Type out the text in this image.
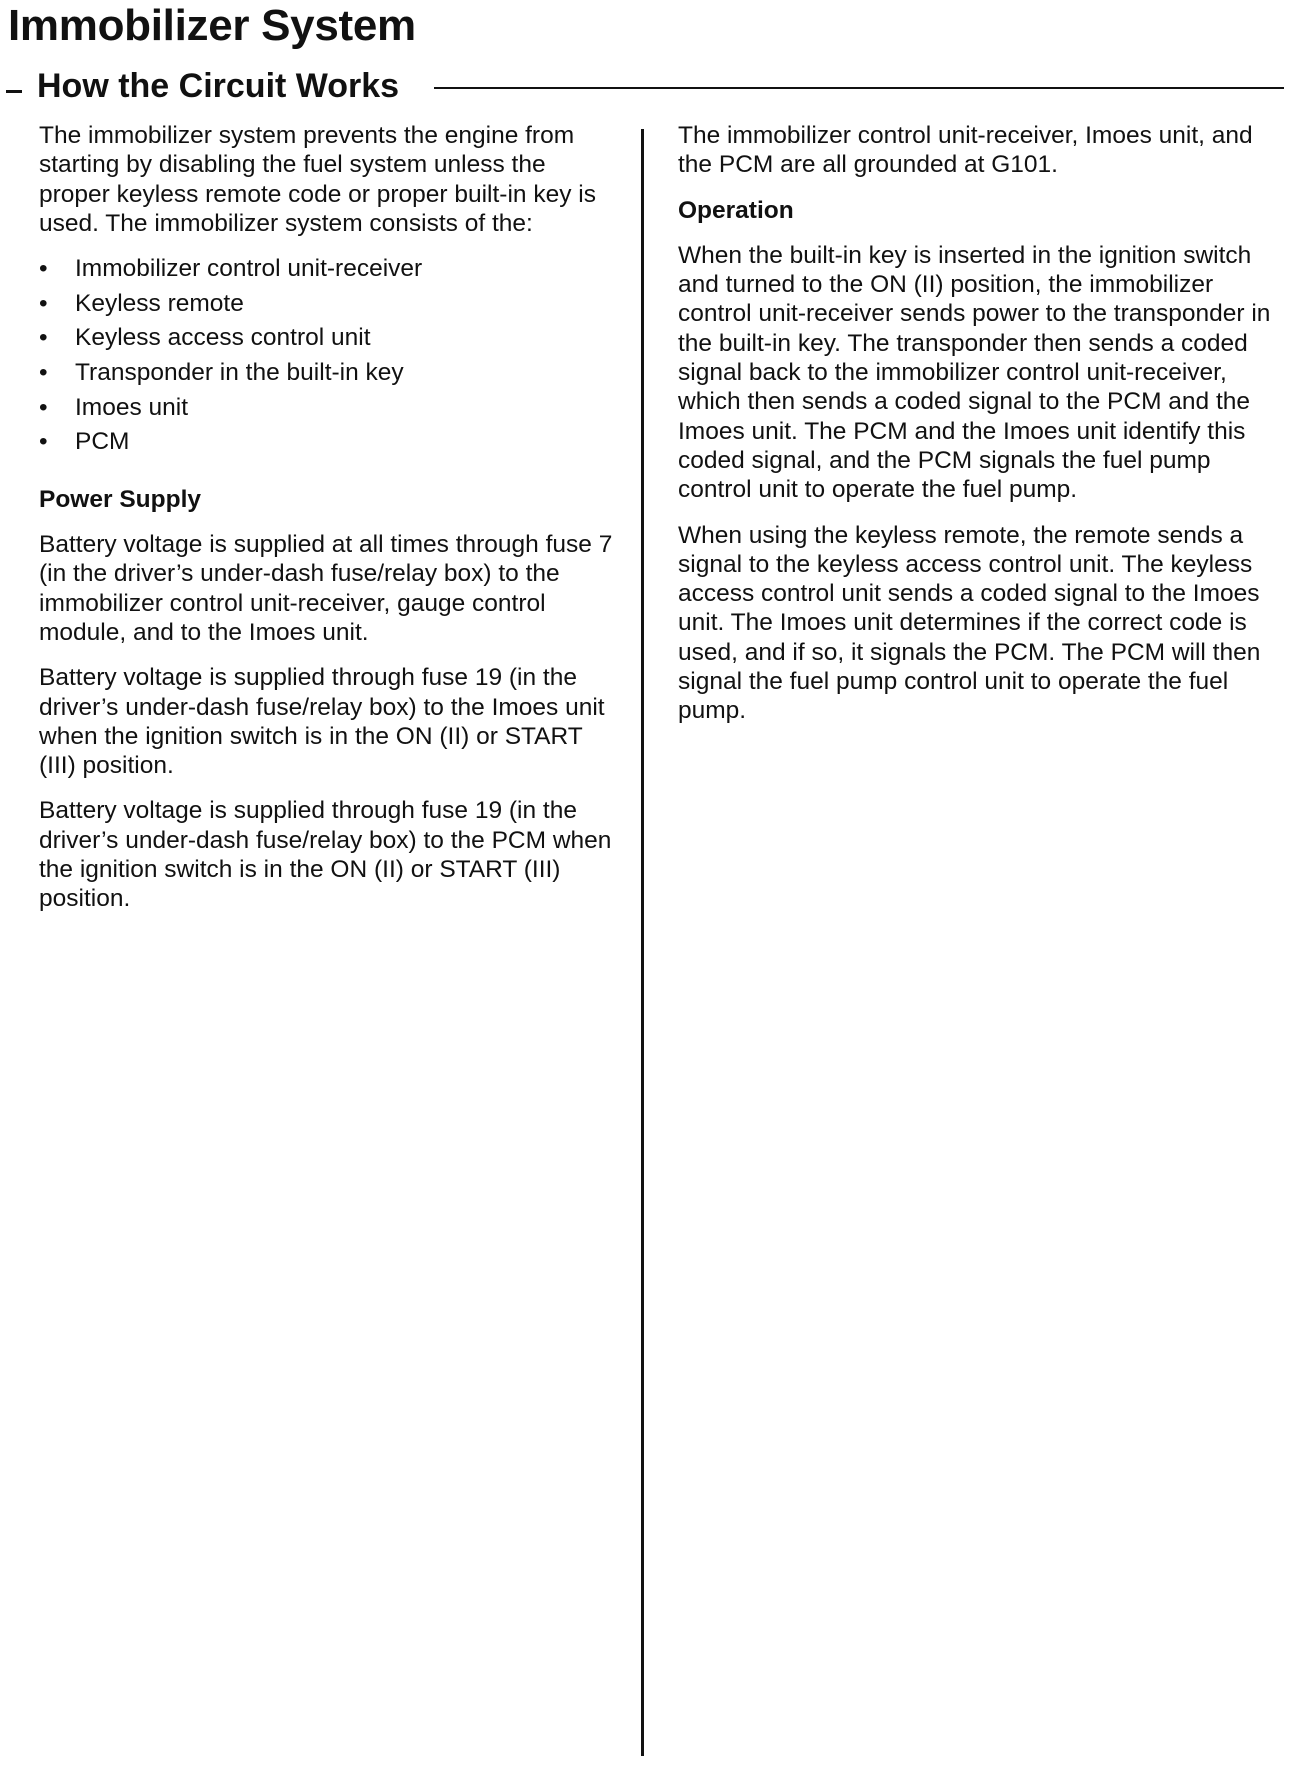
Immobilizer System
How the Circuit Works

The immobilizer system prevents the engine from starting by disabling the fuel system unless the proper keyless remote code or proper built-in key is used. The immobilizer system consists of the:

• Immobilizer control unit-receiver
• Keyless remote
• Keyless access control unit
• Transponder in the built-in key
• Imoes unit
• PCM
Power Supply

Battery voltage is supplied at all times through fuse 7 (in the driver’s under-dash fuse/relay box) to the immobilizer control unit-receiver, gauge control module, and to the Imoes unit.

Battery voltage is supplied through fuse 19 (in the driver’s under-dash fuse/relay box) to the Imoes unit when the ignition switch is in the ON (II) or START (III) position.

Battery voltage is supplied through fuse 19 (in the driver’s under-dash fuse/relay box) to the PCM when the ignition switch is in the ON (II) or START (III) position.

The immobilizer control unit-receiver, Imoes unit, and the PCM are all grounded at G101.

Operation

When the built-in key is inserted in the ignition switch and turned to the ON (II) position, the immobilizer control unit-receiver sends power to the transponder in the built-in key. The transponder then sends a coded signal back to the immobilizer control unit-receiver, which then sends a coded signal to the PCM and the Imoes unit. The PCM and the Imoes unit identify this coded signal, and the PCM signals the fuel pump control unit to operate the fuel pump.

When using the keyless remote, the remote sends a signal to the keyless access control unit. The keyless access control unit sends a coded signal to the Imoes unit. The Imoes unit determines if the correct code is used, and if so, it signals the PCM. The PCM will then signal the fuel pump control unit to operate the fuel pump.
